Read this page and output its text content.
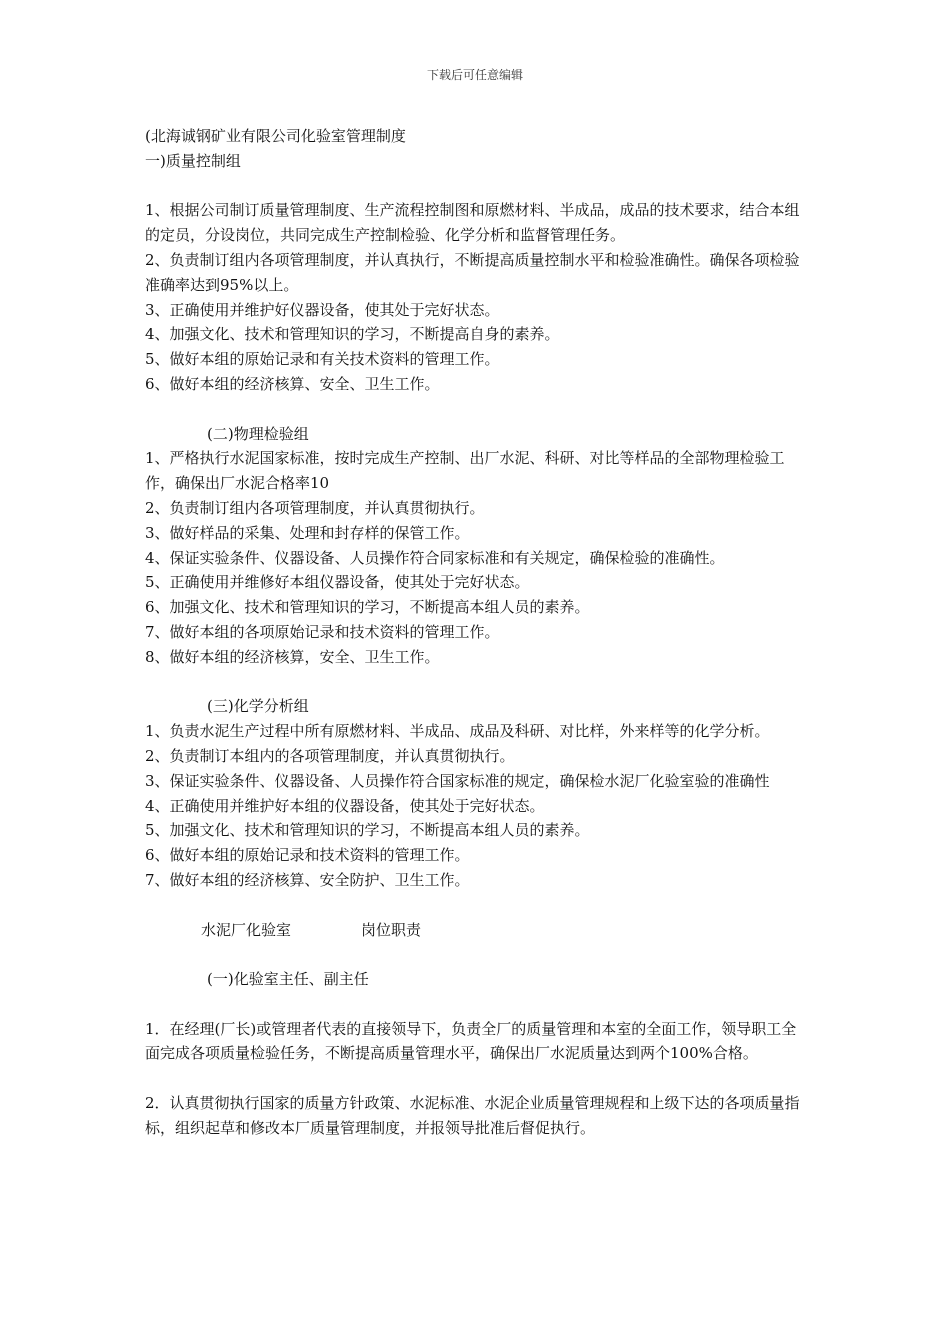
下载后可任意编辑

(北海诚钢矿业有限公司化验室管理制度

一)质量控制组

1、根据公司制订质量管理制度、生产流程控制图和原燃材料、半成品，成品的技术要求，结合本组的定员，分设岗位，共同完成生产控制检验、化学分析和监督管理任务。

2、负责制订组内各项管理制度，并认真执行，不断提高质量控制水平和检验准确性。确保各项检验准确率达到95%以上。

3、正确使用并维护好仪器设备，使其处于完好状态。

4、加强文化、技术和管理知识的学习，不断提高自身的素养。

5、做好本组的原始记录和有关技术资料的管理工作。

6、做好本组的经济核算、安全、卫生工作。

(二)物理检验组

1、严格执行水泥国家标准，按时完成生产控制、出厂水泥、科研、对比等样品的全部物理检验工作，确保出厂水泥合格率10

2、负责制订组内各项管理制度，并认真贯彻执行。

3、做好样品的采集、处理和封存样的保管工作。

4、保证实验条件、仪器设备、人员操作符合同家标准和有关规定，确保检验的准确性。

5、正确使用并维修好本组仪器设备，使其处于完好状态。

6、加强文化、技术和管理知识的学习，不断提高本组人员的素养。

7、做好本组的各项原始记录和技术资料的管理工作。

8、做好本组的经济核算，安全、卫生工作。

(三)化学分析组

1、负责水泥生产过程中所有原燃材料、半成品、成品及科研、对比样，外来样等的化学分析。

2、负责制订本组内的各项管理制度，并认真贯彻执行。

3、保证实验条件、仪器设备、人员操作符合国家标准的规定，确保检水泥厂化验室验的准确性

4、正确使用并维护好本组的仪器设备，使其处于完好状态。

5、加强文化、技术和管理知识的学习，不断提高本组人员的素养。

6、做好本组的原始记录和技术资料的管理工作。

7、做好本组的经济核算、安全防护、卫生工作。

水泥厂化验室	岗位职责

(一)化验室主任、副主任

1．在经理(厂长)或管理者代表的直接领导下，负责全厂的质量管理和本室的全面工作，领导职工全面完成各项质量检验任务，不断提高质量管理水平，确保出厂水泥质量达到两个100%合格。

2．认真贯彻执行国家的质量方针政策、水泥标准、水泥企业质量管理规程和上级下达的各项质量指标，组织起草和修改本厂质量管理制度，并报领导批准后督促执行。
